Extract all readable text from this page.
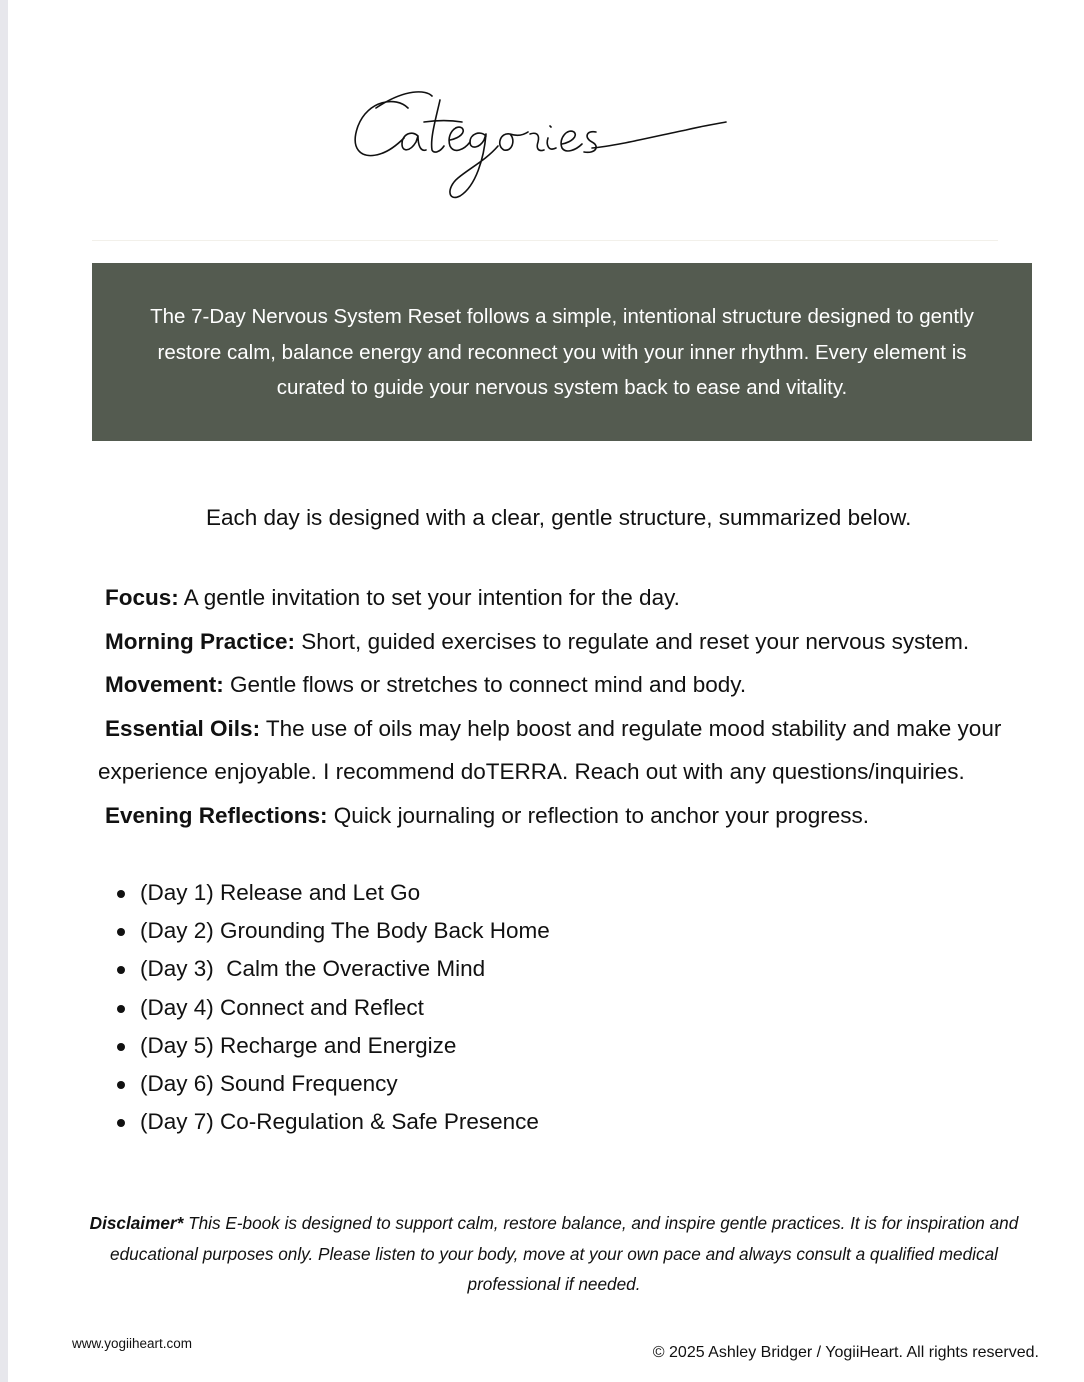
The 7-Day Nervous System Reset follows a simple, intentional structure designed to gently restore calm, balance energy and reconnect you with your inner rhythm. Every element is curated to guide your nervous system back to ease and vitality.
Each day is designed with a clear, gentle structure, summarized below.
Focus: A gentle invitation to set your intention for the day.
Morning Practice: Short, guided exercises to regulate and reset your nervous system.
Movement: Gentle flows or stretches to connect mind and body.
Essential Oils: The use of oils may help boost and regulate mood stability and make your
experience enjoyable. I recommend doTERRA. Reach out with any questions/inquiries.
Evening Reflections: Quick journaling or reflection to anchor your progress.
(Day 1) Release and Let Go
(Day 2) Grounding The Body Back Home
(Day 3)  Calm the Overactive Mind
(Day 4) Connect and Reflect
(Day 5) Recharge and Energize
(Day 6) Sound Frequency
(Day 7) Co-Regulation & Safe Presence
Disclaimer* This E-book is designed to support calm, restore balance, and inspire gentle practices. It is for inspiration and educational purposes only. Please listen to your body, move at your own pace and always consult a qualified medical professional if needed.
www.yogiiheart.com
© 2025 Ashley Bridger / YogiiHeart. All rights reserved.
